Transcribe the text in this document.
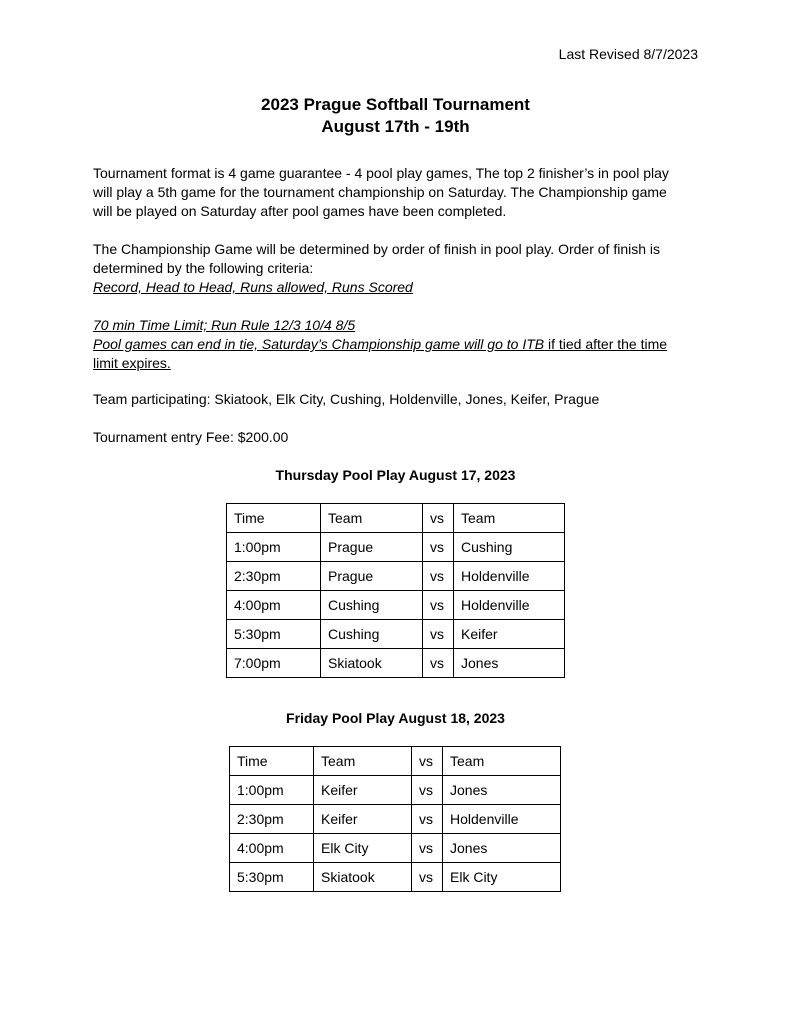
Last Revised 8/7/2023
2023 Prague Softball Tournament
August 17th - 19th
Tournament format is 4 game guarantee - 4 pool play games, The top 2 finisher’s in pool play
will play a 5th game for the tournament championship on Saturday. The Championship game
will be played on Saturday after pool games have been completed.
The Championship Game will be determined by order of finish in pool play. Order of finish is
determined by the following criteria:
Record, Head to Head, Runs allowed, Runs Scored
70 min Time Limit; Run Rule 12/3 10/4 8/5
Pool games can end in tie, Saturday’s Championship game will go to ITB if tied after the time
limit expires.
Team participating: Skiatook, Elk City, Cushing, Holdenville, Jones, Keifer, Prague
Tournament entry Fee: $200.00
Thursday Pool Play August 17, 2023
Time	Team	vs	Team
1:00pm	Prague	vs	Cushing
2:30pm	Prague	vs	Holdenville
4:00pm	Cushing	vs	Holdenville
5:30pm	Cushing	vs	Keifer
7:00pm	Skiatook	vs	Jones
Friday Pool Play August 18, 2023
Time	Team	vs	Team
1:00pm	Keifer	vs	Jones
2:30pm	Keifer	vs	Holdenville
4:00pm	Elk City	vs	Jones
5:30pm	Skiatook	vs	Elk City
